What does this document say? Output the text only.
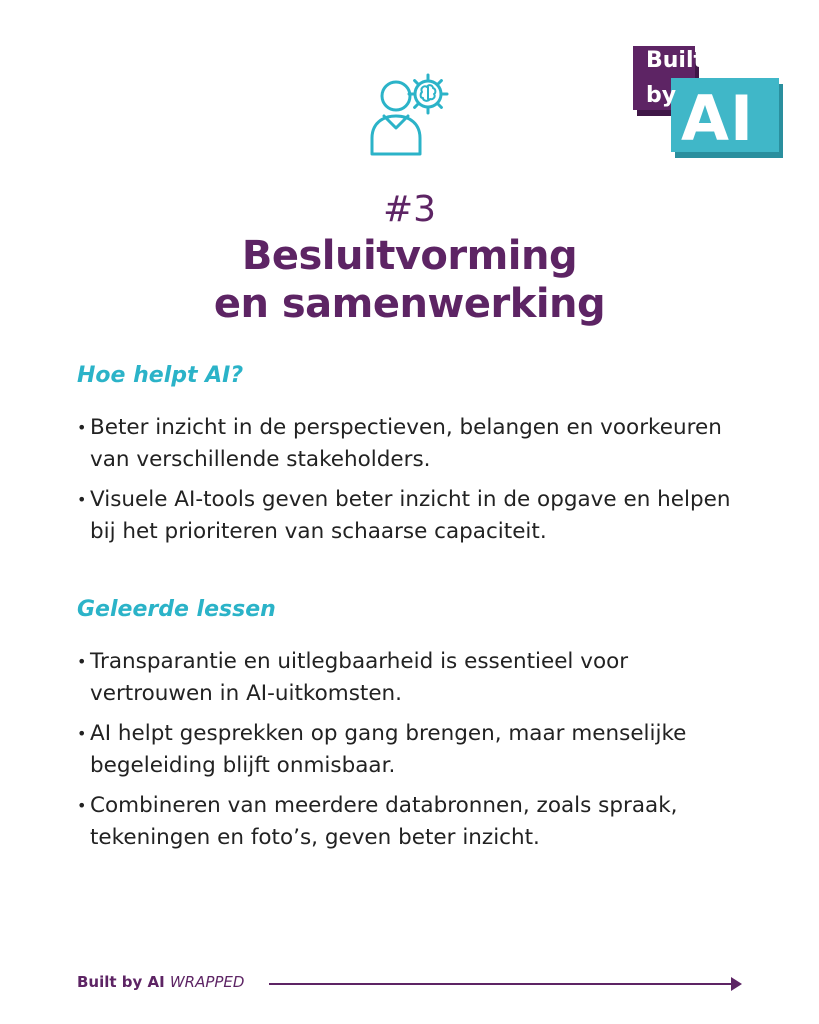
Built
by AI
#3
Besluitvorming
en samenwerking
Hoe helpt AI?
• Beter inzicht in de perspectieven, belangen en voorkeuren van verschillende stakeholders.
• Visuele AI-tools geven beter inzicht in de opgave en helpen bij het prioriteren van schaarse capaciteit.
Geleerde lessen
• Transparantie en uitlegbaarheid is essentieel voor vertrouwen in AI-uitkomsten.
• AI helpt gesprekken op gang brengen, maar menselijke begeleiding blijft onmisbaar.
• Combineren van meerdere databronnen, zoals spraak, tekeningen en foto’s, geven beter inzicht.
Built by AI WRAPPED
